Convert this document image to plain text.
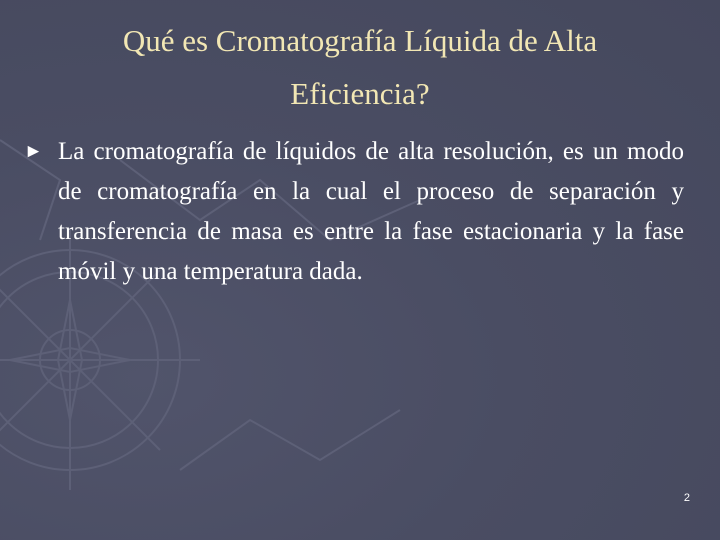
Qué es Cromatografía Líquida de Alta
Eficiencia?
► La cromatografía de líquidos de alta resolución, es un modo de cromatografía en la cual el proceso de separación y transferencia de masa es entre la fase estacionaria y la fase móvil y una temperatura dada.

2
